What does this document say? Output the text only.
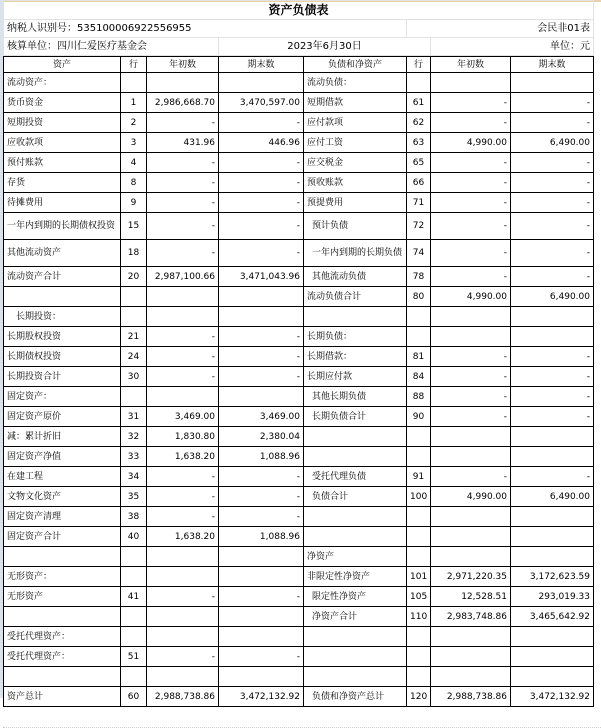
资产负债表			
纳税人识别号：535100006922556955		会民非01表	
核算单位：四川仁爱医疗基金会	2023年6月30日		单位：元
资产	行	年初数	期末数	负债和净资产	行	年初数	期末数
流动资产：				流动负债：			
货币资金	1	2,986,668.70	3,470,597.00	短期借款	61	-	-
短期投资	2	-	-	应付款项	62	-	-
应收款项	3	431.96	446.96	应付工资	63	4,990.00	6,490.00
预付账款	4	-	-	应交税金	65	-	-
存货	8	-	-	预收账款	66	-	-
待摊费用	9	-	-	预提费用	71	-	-
一年内到期的长期债权投资	15	-	-	预计负债	72	-	-
其他流动资产	18	-	-	一年内到期的长期负债	74	-	-
流动资产合计	20	2,987,100.66	3,471,043.96	其他流动负债	78	-	-
				流动负债合计	80	4,990.00	6,490.00
长期投资：							
长期股权投资	21	-	-	长期负债：			
长期债权投资	24	-	-	长期借款：	81	-	-
长期投资合计	30	-	-	长期应付款	84	-	-
固定资产：				其他长期负债	88	-	-
固定资产原价	31	3,469.00	3,469.00	长期负债合计	90	-	-
减：累计折旧	32	1,830.80	2,380.04				
固定资产净值	33	1,638.20	1,088.96				
在建工程	34	-	-	受托代理负债	91	-	-
文物文化资产	35	-	-	负债合计	100	4,990.00	6,490.00
固定资产清理	38	-	-				
固定资产合计	40	1,638.20	1,088.96				
				净资产			
无形资产：				非限定性净资产	101	2,971,220.35	3,172,623.59
无形资产	41	-	-	限定性净资产	105	12,528.51	293,019.33
				净资产合计	110	2,983,748.86	3,465,642.92
受托代理资产：							
受托代理资产：	51	-	-				

资产总计	60	2,988,738.86	3,472,132.92	负债和净资产总计	120	2,988,738.86	3,472,132.92
